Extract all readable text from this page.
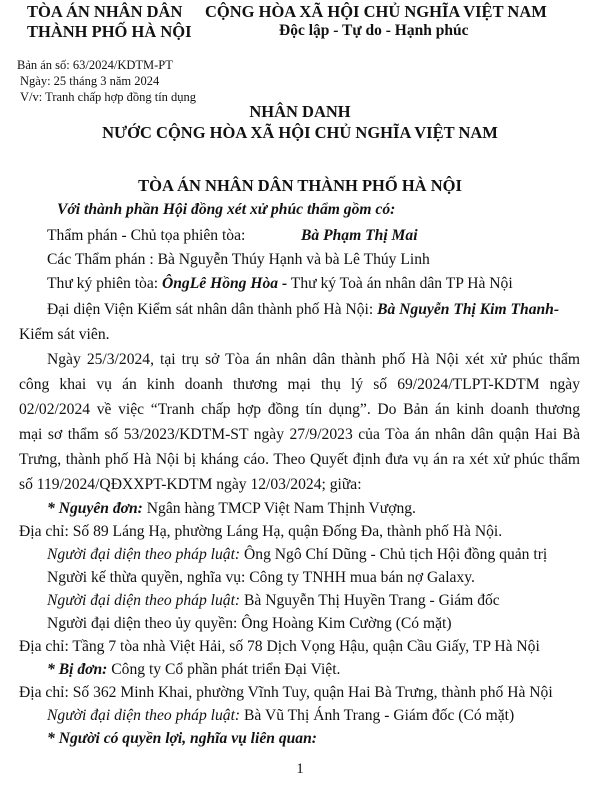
TÒA ÁN NHÂN DÂN
THÀNH PHỐ HÀ NỘI
CỘNG HÒA XÃ HỘI CHỦ NGHĨA VIỆT NAM
Độc lập - Tự do - Hạnh phúc
Bản án số: 63/2024/KDTM-PT
Ngày: 25 tháng 3 năm 2024
V/v: Tranh chấp hợp đồng tín dụng
NHÂN DANH
NƯỚC CỘNG HÒA XÃ HỘI CHỦ NGHĨA VIỆT NAM
TÒA ÁN NHÂN DÂN THÀNH PHỐ HÀ NỘI
Với thành phần Hội đồng xét xử phúc thẩm gồm có:
Thẩm phán - Chủ tọa phiên tòa:	Bà Phạm Thị Mai
Các Thẩm phán : Bà Nguyễn Thúy Hạnh và bà Lê Thúy Linh
Thư ký phiên tòa: ÔngLê Hồng Hòa - Thư ký Toà án nhân dân TP Hà Nội
Đại diện Viện Kiểm sát nhân dân thành phố Hà Nội: Bà Nguyễn Thị Kim Thanh-
Kiểm sát viên.
Ngày 25/3/2024, tại trụ sở Tòa án nhân dân thành phố Hà Nội xét xử phúc thẩm
công khai vụ án kinh doanh thương mại thụ lý số 69/2024/TLPT-KDTM ngày
02/02/2024 về việc “Tranh chấp hợp đồng tín dụng”. Do Bản án kinh doanh thương
mại sơ thẩm số 53/2023/KDTM-ST ngày 27/9/2023 của Tòa án nhân dân quận Hai Bà
Trưng, thành phố Hà Nội bị kháng cáo. Theo Quyết định đưa vụ án ra xét xử phúc thẩm
số 119/2024/QĐXXPT-KDTM ngày 12/03/2024; giữa:
* Nguyên đơn: Ngân hàng TMCP Việt Nam Thịnh Vượng.
Địa chỉ: Số 89 Láng Hạ, phường Láng Hạ, quận Đống Đa, thành phố Hà Nội.
Người đại diện theo pháp luật: Ông Ngô Chí Dũng - Chủ tịch Hội đồng quản trị
Người kế thừa quyền, nghĩa vụ: Công ty TNHH mua bán nợ Galaxy.
Người đại diện theo pháp luật: Bà Nguyễn Thị Huyền Trang - Giám đốc
Người đại diện theo ủy quyền: Ông Hoàng Kim Cường (Có mặt)
Địa chỉ: Tầng 7 tòa nhà Việt Hải, số 78 Dịch Vọng Hậu, quận Cầu Giấy, TP Hà Nội
* Bị đơn: Công ty Cổ phần phát triển Đại Việt.
Địa chỉ: Số 362 Minh Khai, phường Vĩnh Tuy, quận Hai Bà Trưng, thành phố Hà Nội
Người đại diện theo pháp luật: Bà Vũ Thị Ánh Trang - Giám đốc (Có mặt)
* Người có quyền lợi, nghĩa vụ liên quan:
1
